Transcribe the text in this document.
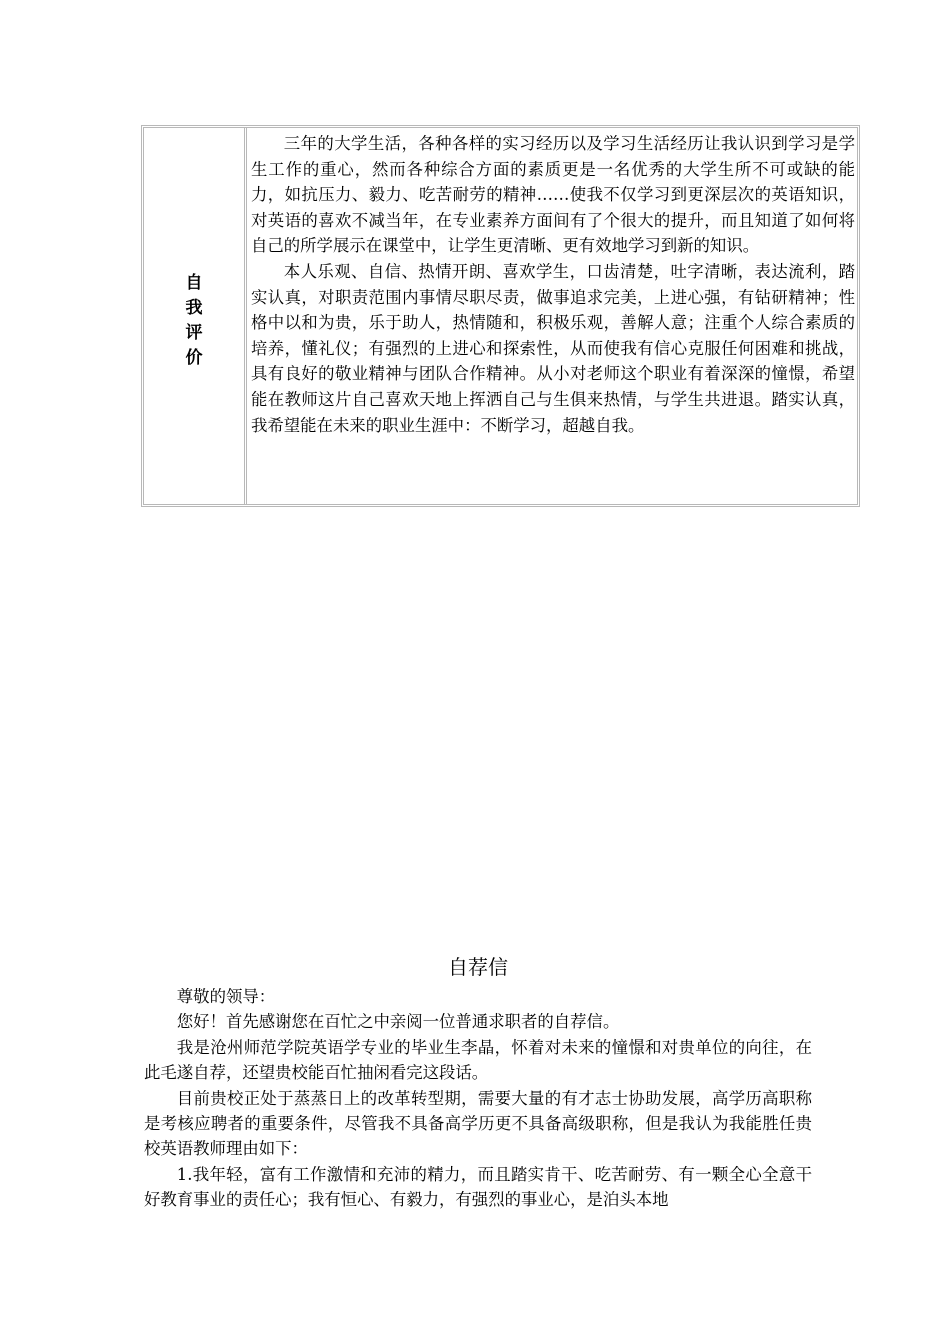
自我评价

三年的大学生活，各种各样的实习经历以及学习生活经历让我认识到学习是学生工作的重心，然而各种综合方面的素质更是一名优秀的大学生所不可或缺的能力，如抗压力、毅力、吃苦耐劳的精神……使我不仅学习到更深层次的英语知识，对英语的喜欢不减当年，在专业素养方面间有了个很大的提升，而且知道了如何将自己的所学展示在课堂中，让学生更清晰、更有效地学习到新的知识。

本人乐观、自信、热情开朗、喜欢学生，口齿清楚，吐字清晰，表达流利，踏实认真，对职责范围内事情尽职尽责，做事追求完美，上进心强，有钻研精神；性格中以和为贵，乐于助人，热情随和，积极乐观，善解人意；注重个人综合素质的培养，懂礼仪；有强烈的上进心和探索性，从而使我有信心克服任何困难和挑战，具有良好的敬业精神与团队合作精神。从小对老师这个职业有着深深的憧憬，希望能在教师这片自己喜欢天地上挥洒自己与生俱来热情，与学生共进退。踏实认真，我希望能在未来的职业生涯中：不断学习，超越自我。

自荐信

尊敬的领导：

您好！首先感谢您在百忙之中亲阅一位普通求职者的自荐信。

我是沧州师范学院英语学专业的毕业生李晶，怀着对未来的憧憬和对贵单位的向往，在此毛遂自荐，还望贵校能百忙抽闲看完这段话。

目前贵校正处于蒸蒸日上的改革转型期，需要大量的有才志士协助发展，高学历高职称是考核应聘者的重要条件，尽管我不具备高学历更不具备高级职称，但是我认为我能胜任贵校英语教师理由如下：

1.我年轻，富有工作激情和充沛的精力，而且踏实肯干、吃苦耐劳、有一颗全心全意干好教育事业的责任心；我有恒心、有毅力，有强烈的事业心，是泊头本地
